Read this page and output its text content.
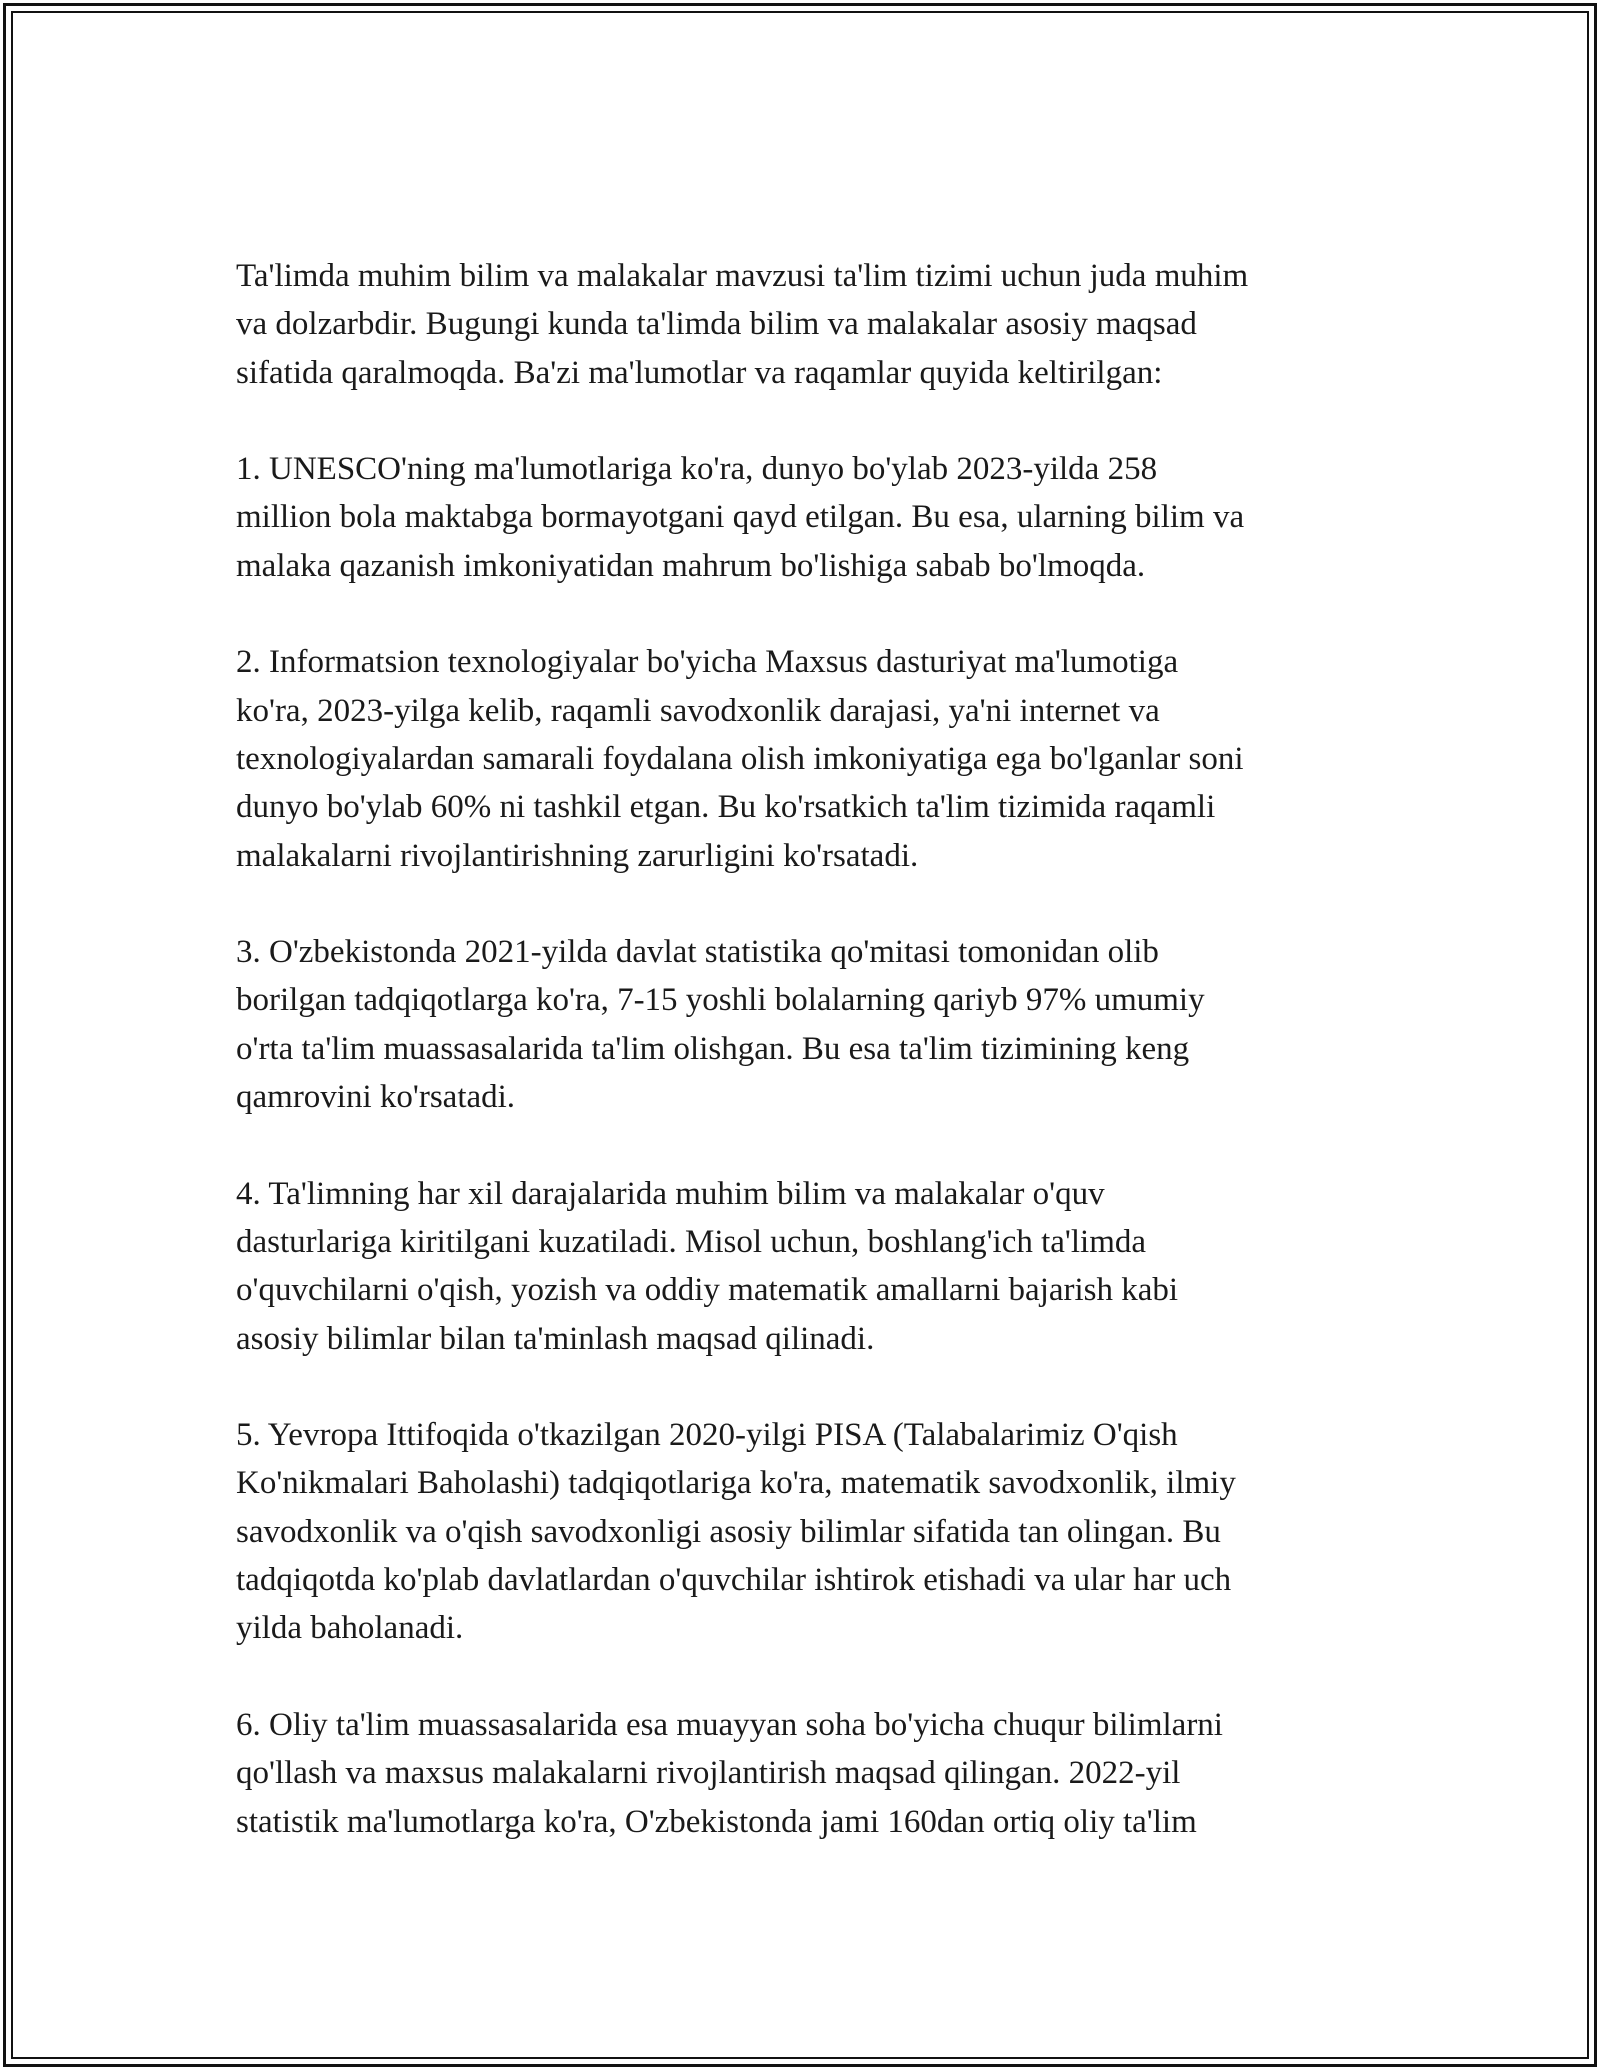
Ta'limda muhim bilim va malakalar mavzusi ta'lim tizimi uchun juda muhim
va dolzarbdir. Bugungi kunda ta'limda bilim va malakalar asosiy maqsad
sifatida qaralmoqda. Ba'zi ma'lumotlar va raqamlar quyida keltirilgan:

1. UNESCO'ning ma'lumotlariga ko'ra, dunyo bo'ylab 2023-yilda 258
million bola maktabga bormayotgani qayd etilgan. Bu esa, ularning bilim va
malaka qazanish imkoniyatidan mahrum bo'lishiga sabab bo'lmoqda.

2. Informatsion texnologiyalar bo'yicha Maxsus dasturiyat ma'lumotiga
ko'ra, 2023-yilga kelib, raqamli savodxonlik darajasi, ya'ni internet va
texnologiyalardan samarali foydalana olish imkoniyatiga ega bo'lganlar soni
dunyo bo'ylab 60% ni tashkil etgan. Bu ko'rsatkich ta'lim tizimida raqamli
malakalarni rivojlantirishning zarurligini ko'rsatadi.

3. O'zbekistonda 2021-yilda davlat statistika qo'mitasi tomonidan olib
borilgan tadqiqotlarga ko'ra, 7-15 yoshli bolalarning qariyb 97% umumiy
o'rta ta'lim muassasalarida ta'lim olishgan. Bu esa ta'lim tizimining keng
qamrovini ko'rsatadi.

4. Ta'limning har xil darajalarida muhim bilim va malakalar o'quv
dasturlariga kiritilgani kuzatiladi. Misol uchun, boshlang'ich ta'limda
o'quvchilarni o'qish, yozish va oddiy matematik amallarni bajarish kabi
asosiy bilimlar bilan ta'minlash maqsad qilinadi.

5. Yevropa Ittifoqida o'tkazilgan 2020-yilgi PISA (Talabalarimiz O'qish
Ko'nikmalari Baholashi) tadqiqotlariga ko'ra, matematik savodxonlik, ilmiy
savodxonlik va o'qish savodxonligi asosiy bilimlar sifatida tan olingan. Bu
tadqiqotda ko'plab davlatlardan o'quvchilar ishtirok etishadi va ular har uch
yilda baholanadi.

6. Oliy ta'lim muassasalarida esa muayyan soha bo'yicha chuqur bilimlarni
qo'llash va maxsus malakalarni rivojlantirish maqsad qilingan. 2022-yil
statistik ma'lumotlarga ko'ra, O'zbekistonda jami 160dan ortiq oliy ta'lim
